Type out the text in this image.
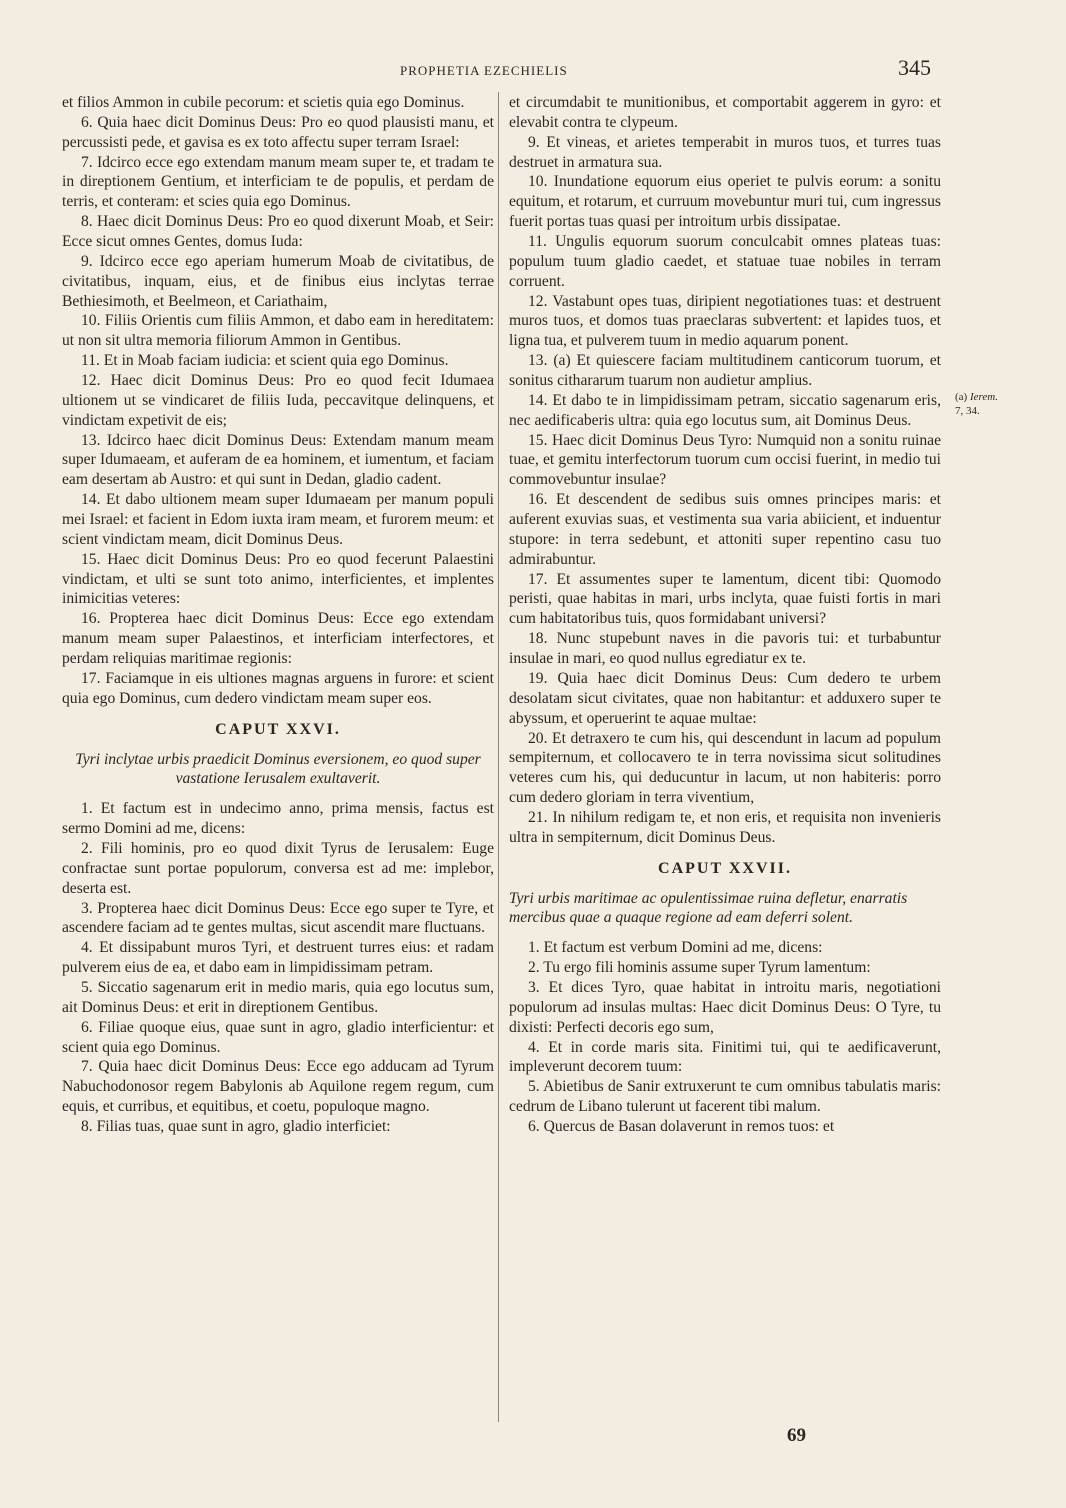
PROPHETIA EZECHIELIS	345

et filios Ammon in cubile pecorum: et scietis quia ego Dominus.

6. Quia haec dicit Dominus Deus: Pro eo quod plausisti manu, et percussisti pede, et gavisa es ex toto affectu super terram Israel:

7. Idcirco ecce ego extendam manum meam super te, et tradam te in direptionem Gentium, et interficiam te de populis, et perdam de terris, et conteram: et scies quia ego Dominus.

8. Haec dicit Dominus Deus: Pro eo quod dixerunt Moab, et Seir: Ecce sicut omnes Gentes, domus Iuda:

9. Idcirco ecce ego aperiam humerum Moab de civitatibus, de civitatibus, inquam, eius, et de finibus eius inclytas terrae Bethiesimoth, et Beelmeon, et Cariathaim,

10. Filiis Orientis cum filiis Ammon, et dabo eam in hereditatem: ut non sit ultra memoria filiorum Ammon in Gentibus.

11. Et in Moab faciam iudicia: et scient quia ego Dominus.

12. Haec dicit Dominus Deus: Pro eo quod fecit Idumaea ultionem ut se vindicaret de filiis Iuda, peccavitque delinquens, et vindictam expetivit de eis;

13. Idcirco haec dicit Dominus Deus: Extendam manum meam super Idumaeam, et auferam de ea hominem, et iumentum, et faciam eam desertam ab Austro: et qui sunt in Dedan, gladio cadent.

14. Et dabo ultionem meam super Idumaeam per manum populi mei Israel: et facient in Edom iuxta iram meam, et furorem meum: et scient vindictam meam, dicit Dominus Deus.

15. Haec dicit Dominus Deus: Pro eo quod fecerunt Palaestini vindictam, et ulti se sunt toto animo, interficientes, et implentes inimicitias veteres:

16. Propterea haec dicit Dominus Deus: Ecce ego extendam manum meam super Palaestinos, et interficiam interfectores, et perdam reliquias maritimae regionis:

17. Faciamque in eis ultiones magnas arguens in furore: et scient quia ego Dominus, cum dedero vindictam meam super eos.

CAPUT XXVI.

Tyri inclytae urbis praedicit Dominus eversionem, eo quod super vastatione Ierusalem exultaverit.

1. Et factum est in undecimo anno, prima mensis, factus est sermo Domini ad me, dicens:

2. Fili hominis, pro eo quod dixit Tyrus de Ierusalem: Euge confractae sunt portae populorum, conversa est ad me: implebor, deserta est.

3. Propterea haec dicit Dominus Deus: Ecce ego super te Tyre, et ascendere faciam ad te gentes multas, sicut ascendit mare fluctuans.

4. Et dissipabunt muros Tyri, et destruent turres eius: et radam pulverem eius de ea, et dabo eam in limpidissimam petram.

5. Siccatio sagenarum erit in medio maris, quia ego locutus sum, ait Dominus Deus: et erit in direptionem Gentibus.

6. Filiae quoque eius, quae sunt in agro, gladio interficientur: et scient quia ego Dominus.

7. Quia haec dicit Dominus Deus: Ecce ego adducam ad Tyrum Nabuchodonosor regem Babylonis ab Aquilone regem regum, cum equis, et curribus, et equitibus, et coetu, populoque magno.

8. Filias tuas, quae sunt in agro, gladio interficiet:

et circumdabit te munitionibus, et comportabit aggerem in gyro: et elevabit contra te clypeum.

9. Et vineas, et arietes temperabit in muros tuos, et turres tuas destruet in armatura sua.

10. Inundatione equorum eius operiet te pulvis eorum: a sonitu equitum, et rotarum, et curruum movebuntur muri tui, cum ingressus fuerit portas tuas quasi per introitum urbis dissipatae.

11. Ungulis equorum suorum conculcabit omnes plateas tuas: populum tuum gladio caedet, et statuae tuae nobiles in terram corruent.

12. Vastabunt opes tuas, diripient negotiationes tuas: et destruent muros tuos, et domos tuas praeclaras subvertent: et lapides tuos, et ligna tua, et pulverem tuum in medio aquarum ponent.

13. (a) Et quiescere faciam multitudinem canticorum tuorum, et sonitus cithararum tuarum non audietur amplius.

14. Et dabo te in limpidissimam petram, siccatio sagenarum eris, nec aedificaberis ultra: quia ego locutus sum, ait Dominus Deus.

15. Haec dicit Dominus Deus Tyro: Numquid non a sonitu ruinae tuae, et gemitu interfectorum tuorum cum occisi fuerint, in medio tui commovebuntur insulae?

16. Et descendent de sedibus suis omnes principes maris: et auferent exuvias suas, et vestimenta sua varia abiicient, et induentur stupore: in terra sedebunt, et attoniti super repentino casu tuo admirabuntur.

17. Et assumentes super te lamentum, dicent tibi: Quomodo peristi, quae habitas in mari, urbs inclyta, quae fuisti fortis in mari cum habitatoribus tuis, quos formidabant universi?

18. Nunc stupebunt naves in die pavoris tui: et turbabuntur insulae in mari, eo quod nullus egrediatur ex te.

19. Quia haec dicit Dominus Deus: Cum dedero te urbem desolatam sicut civitates, quae non habitantur: et adduxero super te abyssum, et operuerint te aquae multae:

20. Et detraxero te cum his, qui descendunt in lacum ad populum sempiternum, et collocavero te in terra novissima sicut solitudines veteres cum his, qui deducuntur in lacum, ut non habiteris: porro cum dedero gloriam in terra viventium,

21. In nihilum redigam te, et non eris, et requisita non invenieris ultra in sempiternum, dicit Dominus Deus.

CAPUT XXVII.

Tyri urbis maritimae ac opulentissimae ruina defletur, enarratis mercibus quae a quaque regione ad eam deferri solent.

1. Et factum est verbum Domini ad me, dicens:

2. Tu ergo fili hominis assume super Tyrum lamentum:

3. Et dices Tyro, quae habitat in introitu maris, negotiationi populorum ad insulas multas: Haec dicit Dominus Deus: O Tyre, tu dixisti: Perfecti decoris ego sum,

4. Et in corde maris sita. Finitimi tui, qui te aedificaverunt, impleverunt decorem tuum:

5. Abietibus de Sanir extruxerunt te cum omnibus tabulatis maris: cedrum de Libano tulerunt ut facerent tibi malum.

6. Quercus de Basan dolaverunt in remos tuos: et

(a) Ierem.
7, 34.
69
